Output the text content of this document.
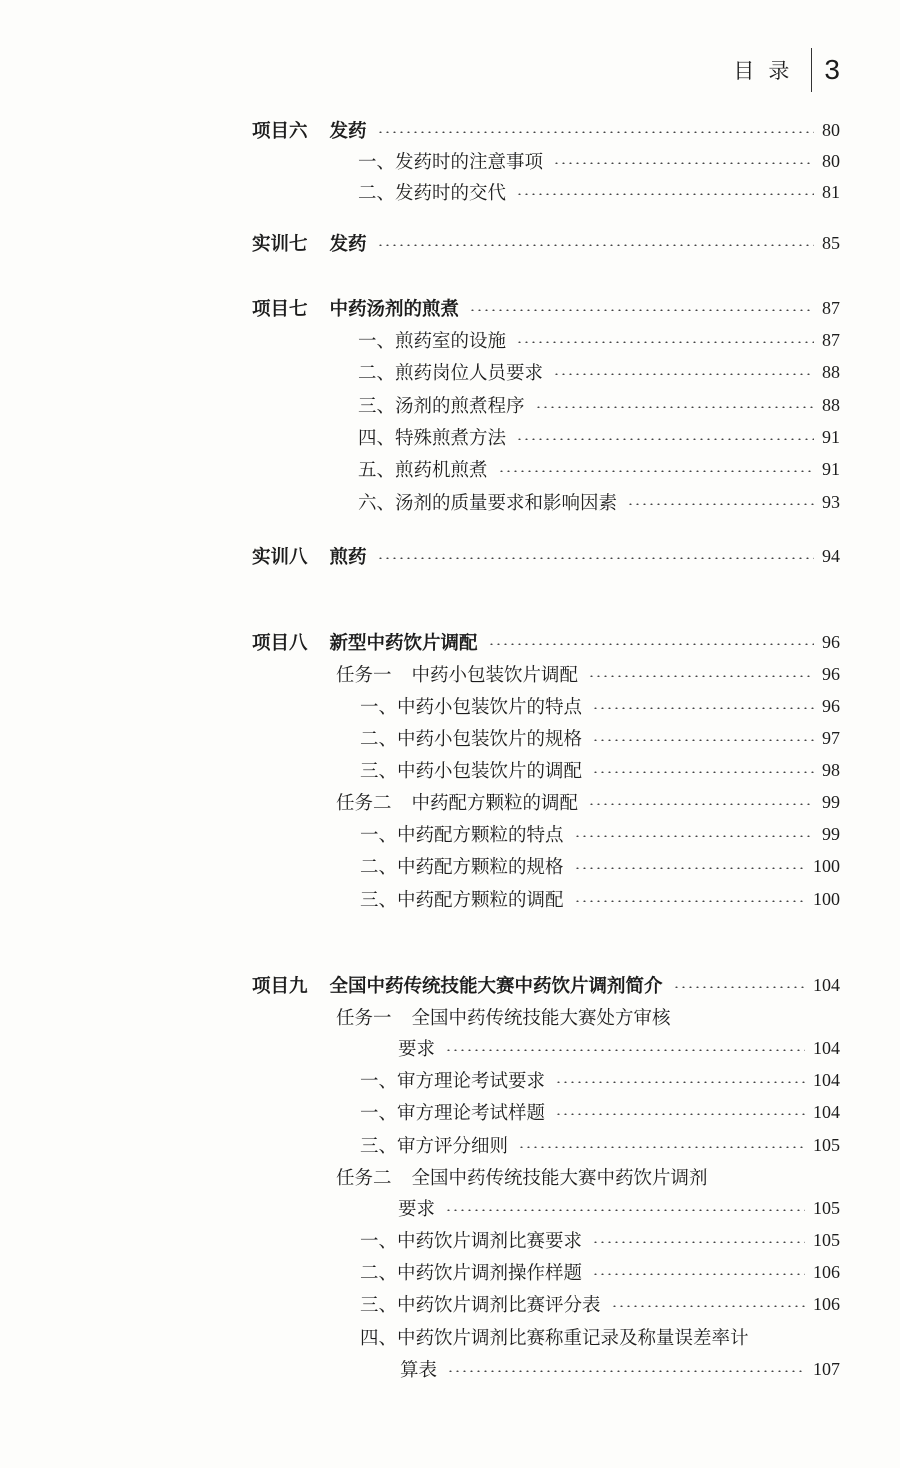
目录 3
项目六 发药	80
一、发药时的注意事项	80
二、发药时的交代	81
实训七 发药	85
项目七 中药汤剂的煎煮	87
一、煎药室的设施	87
二、煎药岗位人员要求	88
三、汤剂的煎煮程序	88
四、特殊煎煮方法	91
五、煎药机煎煮	91
六、汤剂的质量要求和影响因素	93
实训八 煎药	94
项目八 新型中药饮片调配	96
任务一 中药小包装饮片调配	96
一、中药小包装饮片的特点	96
二、中药小包装饮片的规格	97
三、中药小包装饮片的调配	98
任务二 中药配方颗粒的调配	99
一、中药配方颗粒的特点	99
二、中药配方颗粒的规格	100
三、中药配方颗粒的调配	100
项目九 全国中药传统技能大赛中药饮片调剂简介	104
任务一 全国中药传统技能大赛处方审核
要求	104
一、审方理论考试要求	104
一、审方理论考试样题	104
三、审方评分细则	105
任务二 全国中药传统技能大赛中药饮片调剂
要求	105
一、中药饮片调剂比赛要求	105
二、中药饮片调剂操作样题	106
三、中药饮片调剂比赛评分表	106
四、中药饮片调剂比赛称重记录及称量误差率计
算表	107
